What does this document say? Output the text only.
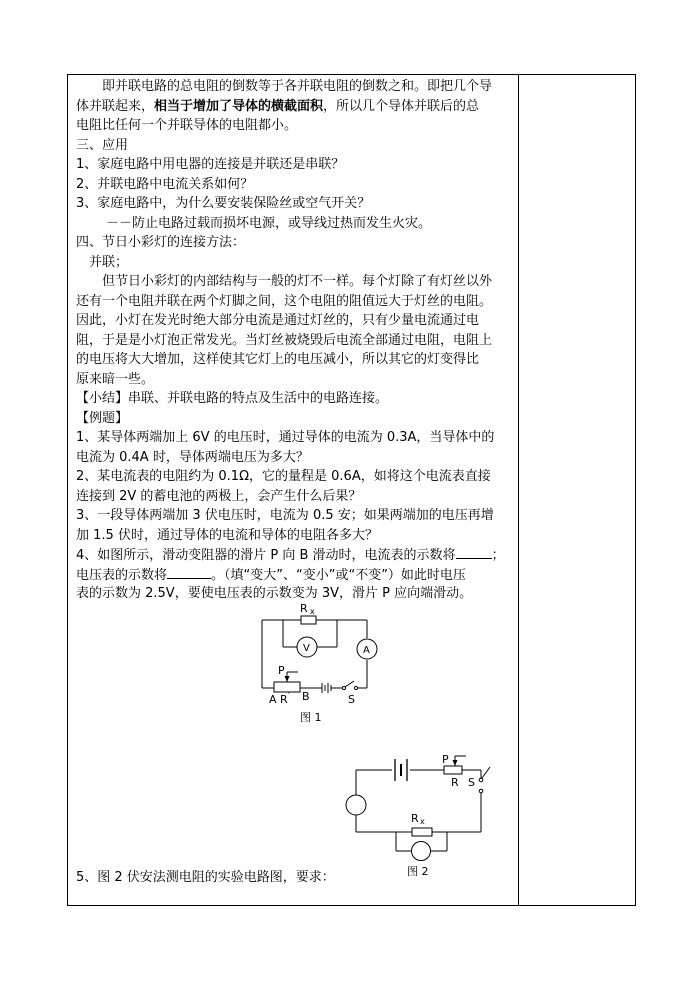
即并联电路的总电阻的倒数等于各并联电阻的倒数之和。即把几个导
体并联起来，相当于增加了导体的横截面积，所以几个导体并联后的总
电阻比任何一个并联导体的电阻都小。
三、应用
1、家庭电路中用电器的连接是并联还是串联？
2、并联电路中电流关系如何？
3、家庭电路中，为什么要安装保险丝或空气开关？
－－防止电路过载而损坏电源，或导线过热而发生火灾。
四、节日小彩灯的连接方法：
并联；
但节日小彩灯的内部结构与一般的灯不一样。每个灯除了有灯丝以外
还有一个电阻并联在两个灯脚之间，这个电阻的阻值远大于灯丝的电阻。
因此，小灯在发光时绝大部分电流是通过灯丝的，只有少量电流通过电
阻，于是是小灯泡正常发光。当灯丝被烧毁后电流全部通过电阻，电阻上
的电压将大大增加，这样使其它灯上的电压减小，所以其它的灯变得比
原来暗一些。
【小结】串联、并联电路的特点及生活中的电路连接。
【例题】
1、某导体两端加上 6V 的电压时，通过导体的电流为 0.3A，当导体中的
电流为 0.4A 时，导体两端电压为多大？
2、某电流表的电阻约为 0.1Ω，它的量程是 0.6A，如将这个电流表直接
连接到 2V 的蓄电池的两极上，会产生什么后果？
3、一段导体两端加 3 伏电压时，电流为 0.5 安；如果两端加的电压再增
加 1.5 伏时，通过导体的电流和导体的电阻各多大？
4、如图所示，滑动变阻器的滑片 P 向 B 滑动时，电流表的示数将	；
电压表的示数将	。（填“变大”、“变小”或“不变”）如此时电压
表的示数为 2.5V，要使电压表的示数变为 3V，滑片 P 应向端滑动。
R x
V	A
P
A R ′ B	S
图 1
P
R S
R x
图 2
5、图 2 伏安法测电阻的实验电路图，要求：
